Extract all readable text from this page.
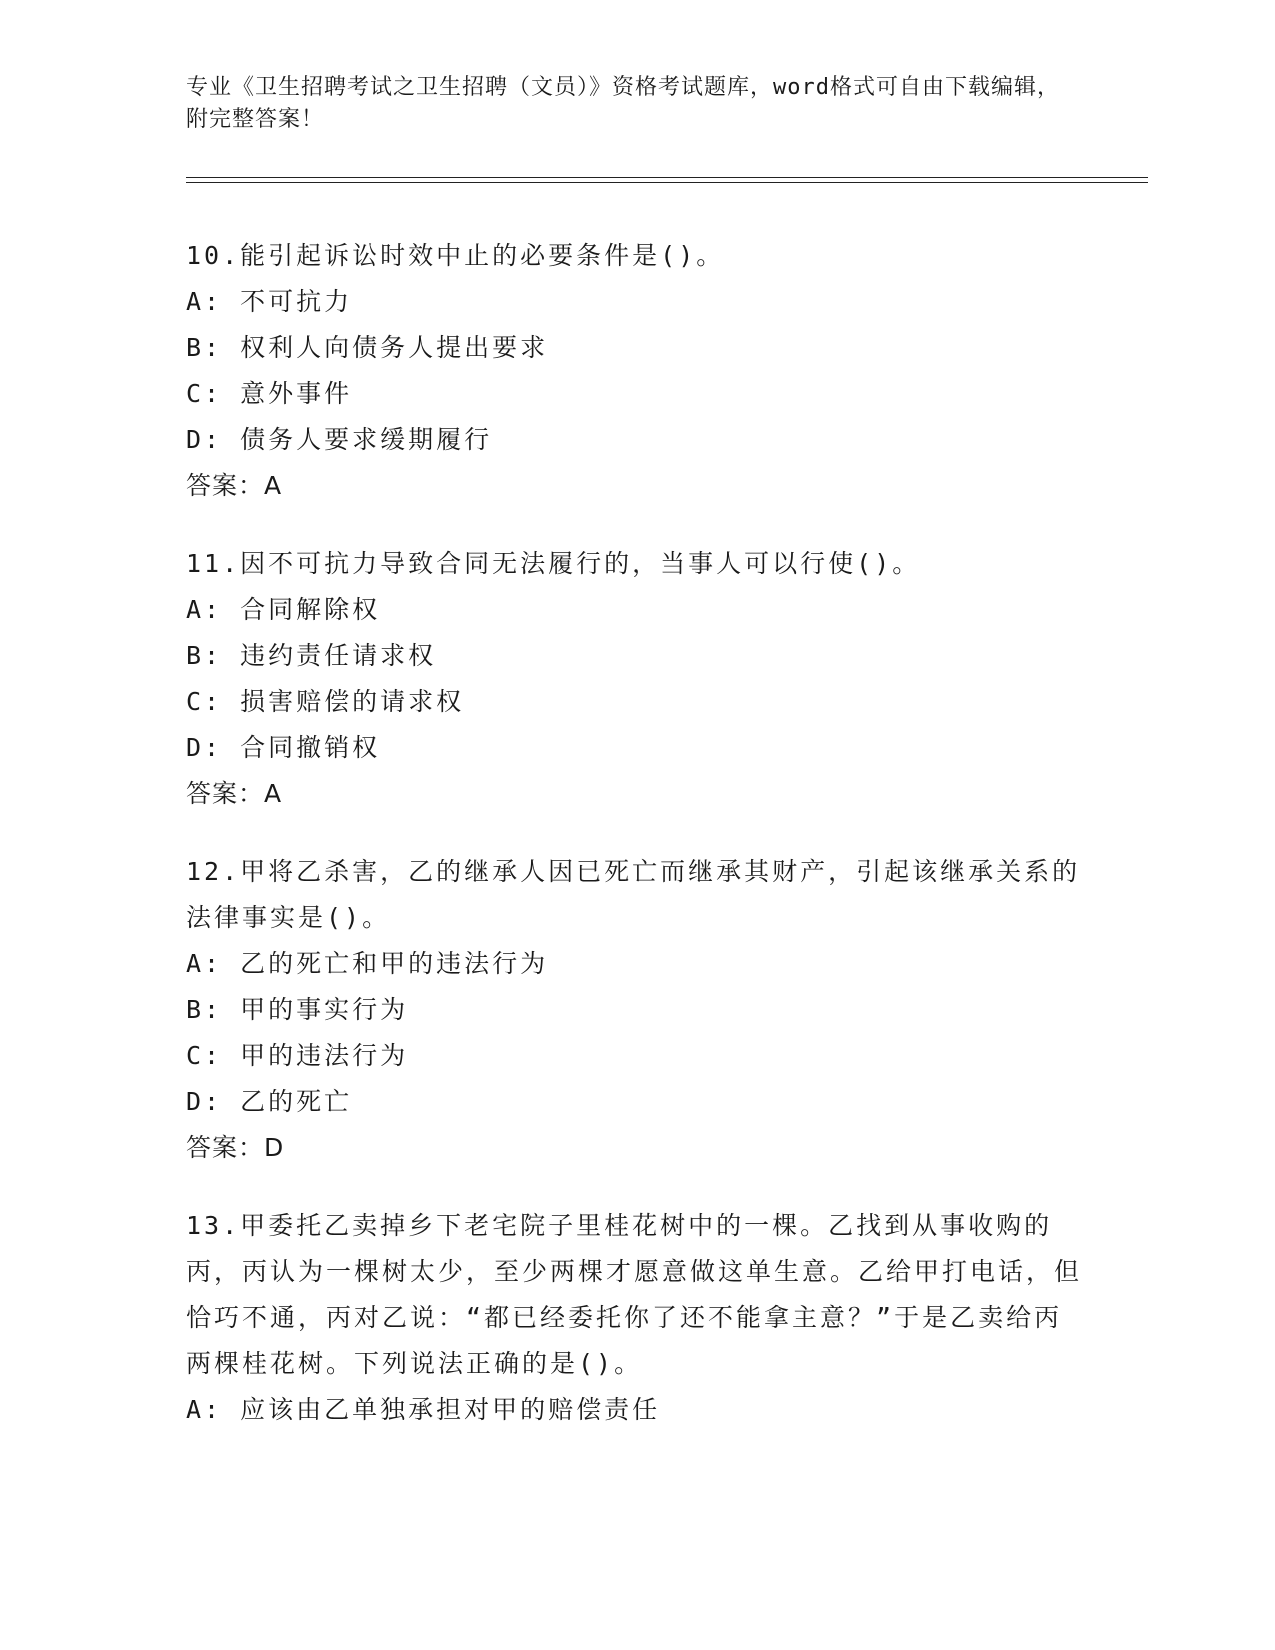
专业《卫生招聘考试之卫生招聘（文员）》资格考试题库，word格式可自由下载编辑，附完整答案！

10.能引起诉讼时效中止的必要条件是()。

A: 不可抗力

B: 权利人向债务人提出要求

C: 意外事件

D: 债务人要求缓期履行

答案：A

11.因不可抗力导致合同无法履行的，当事人可以行使()。

A: 合同解除权

B: 违约责任请求权

C: 损害赔偿的请求权

D: 合同撤销权

答案：A

12.甲将乙杀害，乙的继承人因已死亡而继承其财产，引起该继承关系的法律事实是()。

A: 乙的死亡和甲的违法行为

B: 甲的事实行为

C: 甲的违法行为

D: 乙的死亡

答案：D

13.甲委托乙卖掉乡下老宅院子里桂花树中的一棵。乙找到从事收购的丙，丙认为一棵树太少，至少两棵才愿意做这单生意。乙给甲打电话，但恰巧不通，丙对乙说：“都已经委托你了还不能拿主意？”于是乙卖给丙两棵桂花树。下列说法正确的是()。

A: 应该由乙单独承担对甲的赔偿责任
